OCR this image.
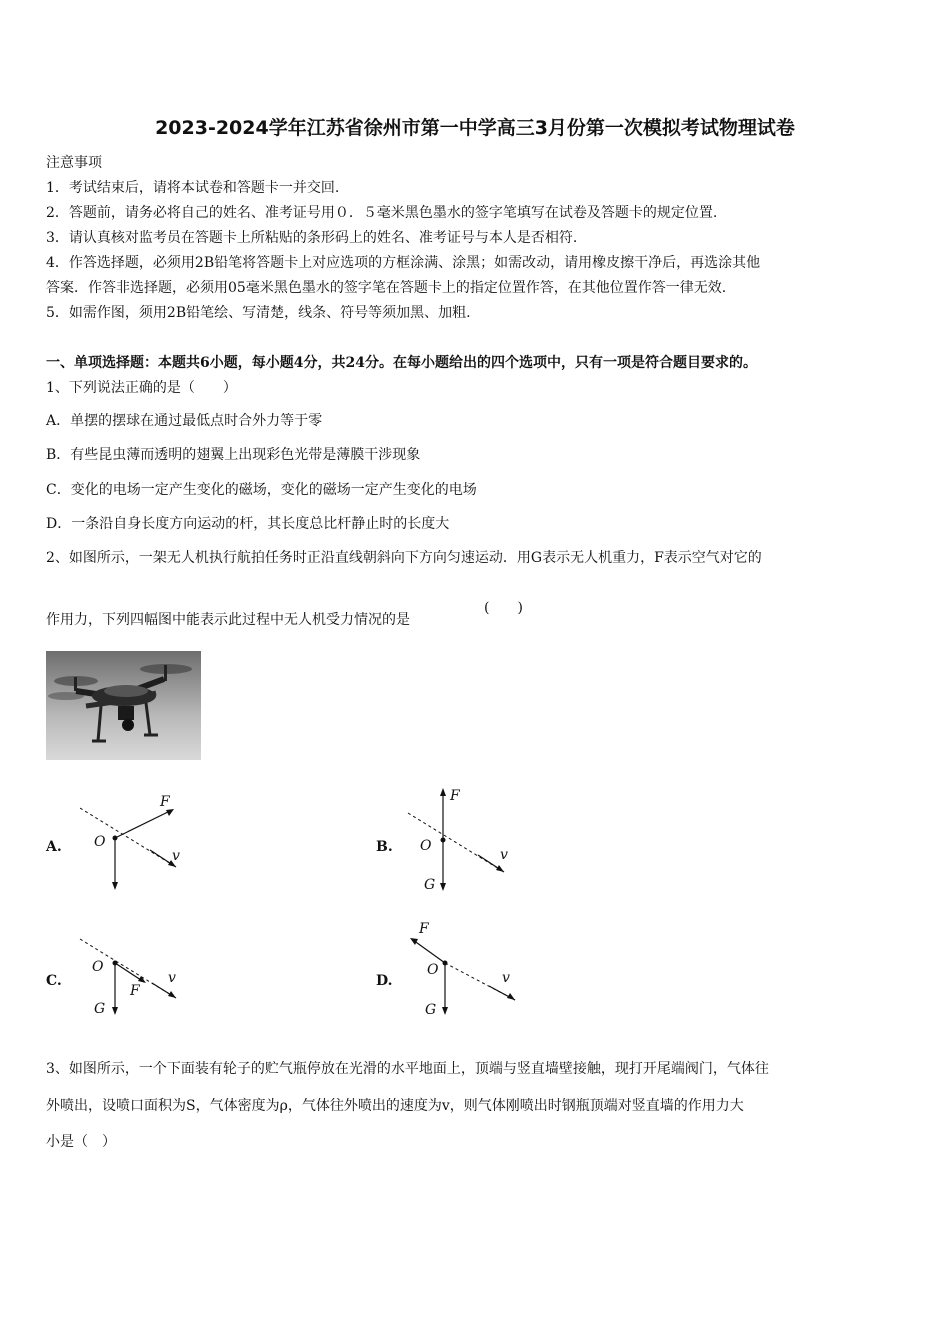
2023-2024学年江苏省徐州市第一中学高三3月份第一次模拟考试物理试卷
注意事项
1．考试结束后，请将本试卷和答题卡一并交回.
2．答题前，请务必将自己的姓名、准考证号用０．５毫米黑色墨水的签字笔填写在试卷及答题卡的规定位置.
3．请认真核对监考员在答题卡上所粘贴的条形码上的姓名、准考证号与本人是否相符.
4．作答选择题，必须用2B铅笔将答题卡上对应选项的方框涂满、涂黑；如需改动，请用橡皮擦干净后，再选涂其他
答案．作答非选择题，必须用05毫米黑色墨水的签字笔在答题卡上的指定位置作答，在其他位置作答一律无效.
5．如需作图，须用2B铅笔绘、写清楚，线条、符号等须加黑、加粗.
一、单项选择题：本题共6小题，每小题4分，共24分。在每小题给出的四个选项中，只有一项是符合题目要求的。
1、下列说法正确的是（　　）
A．单摆的摆球在通过最低点时合外力等于零
B．有些昆虫薄而透明的翅翼上出现彩色光带是薄膜干涉现象
C．变化的电场一定产生变化的磁场，变化的磁场一定产生变化的电场
D．一条沿自身长度方向运动的杆，其长度总比杆静止时的长度大
2、如图所示，一架无人机执行航拍任务时正沿直线朝斜向下方向匀速运动．用G表示无人机重力，F表示空气对它的
作用力，下列四幅图中能表示此过程中无人机受力情况的是
(　　)
A.
F
O
v
B.
F
O
v
G
C.
O
F
v
G
D.
F
O	v
G
3、如图所示，一个下面装有轮子的贮气瓶停放在光滑的水平地面上，顶端与竖直墙壁接触，现打开尾端阀门，气体往
外喷出，设喷口面积为S，气体密度为ρ，气体往外喷出的速度为v，则气体刚喷出时钢瓶顶端对竖直墙的作用力大
小是（　）
